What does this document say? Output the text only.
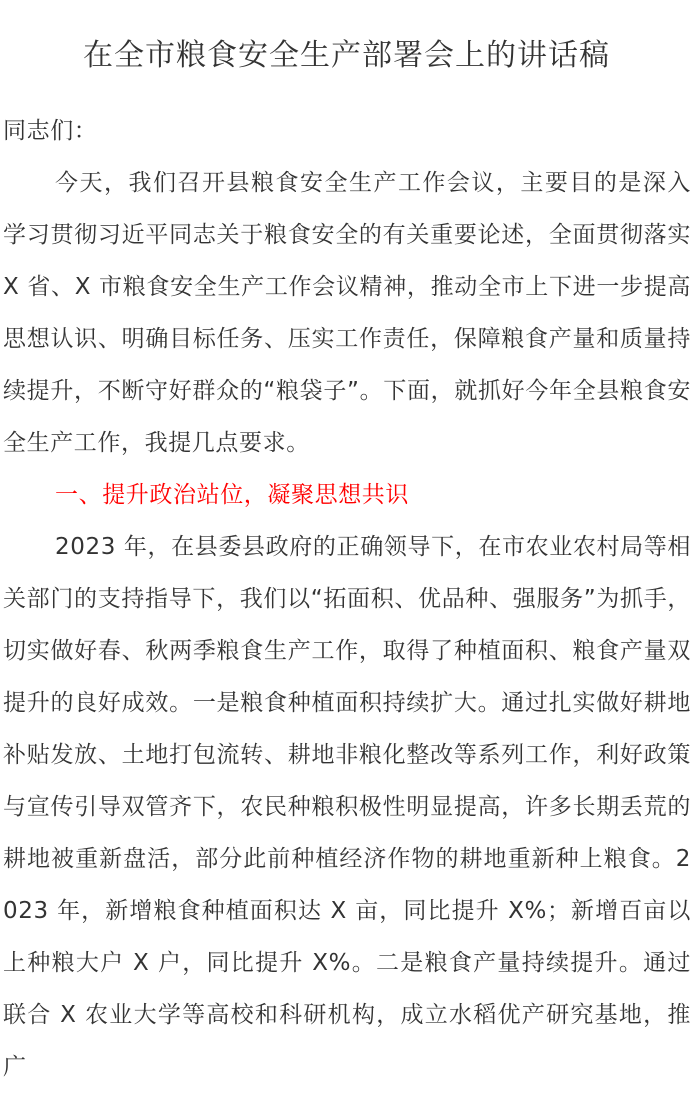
在全市粮食安全生产部署会上的讲话稿

同志们：

今天，我们召开县粮食安全生产工作会议，主要目的是深入学习贯彻习近平同志关于粮食安全的有关重要论述，全面贯彻落实 X 省、X 市粮食安全生产工作会议精神，推动全市上下进一步提高思想认识、明确目标任务、压实工作责任，保障粮食产量和质量持续提升，不断守好群众的“粮袋子”。下面，就抓好今年全县粮食安全生产工作，我提几点要求。

一、提升政治站位，凝聚思想共识

2023 年，在县委县政府的正确领导下，在市农业农村局等相关部门的支持指导下，我们以“拓面积、优品种、强服务”为抓手，切实做好春、秋两季粮食生产工作，取得了种植面积、粮食产量双提升的良好成效。一是粮食种植面积持续扩大。通过扎实做好耕地补贴发放、土地打包流转、耕地非粮化整改等系列工作，利好政策与宣传引导双管齐下，农民种粮积极性明显提高，许多长期丢荒的耕地被重新盘活，部分此前种植经济作物的耕地重新种上粮食。2023 年，新增粮食种植面积达 X 亩，同比提升 X%；新增百亩以上种粮大户 X 户，同比提升 X%。二是粮食产量持续提升。通过联合 X 农业大学等高校和科研机构，成立水稻优产研究基地，推广
